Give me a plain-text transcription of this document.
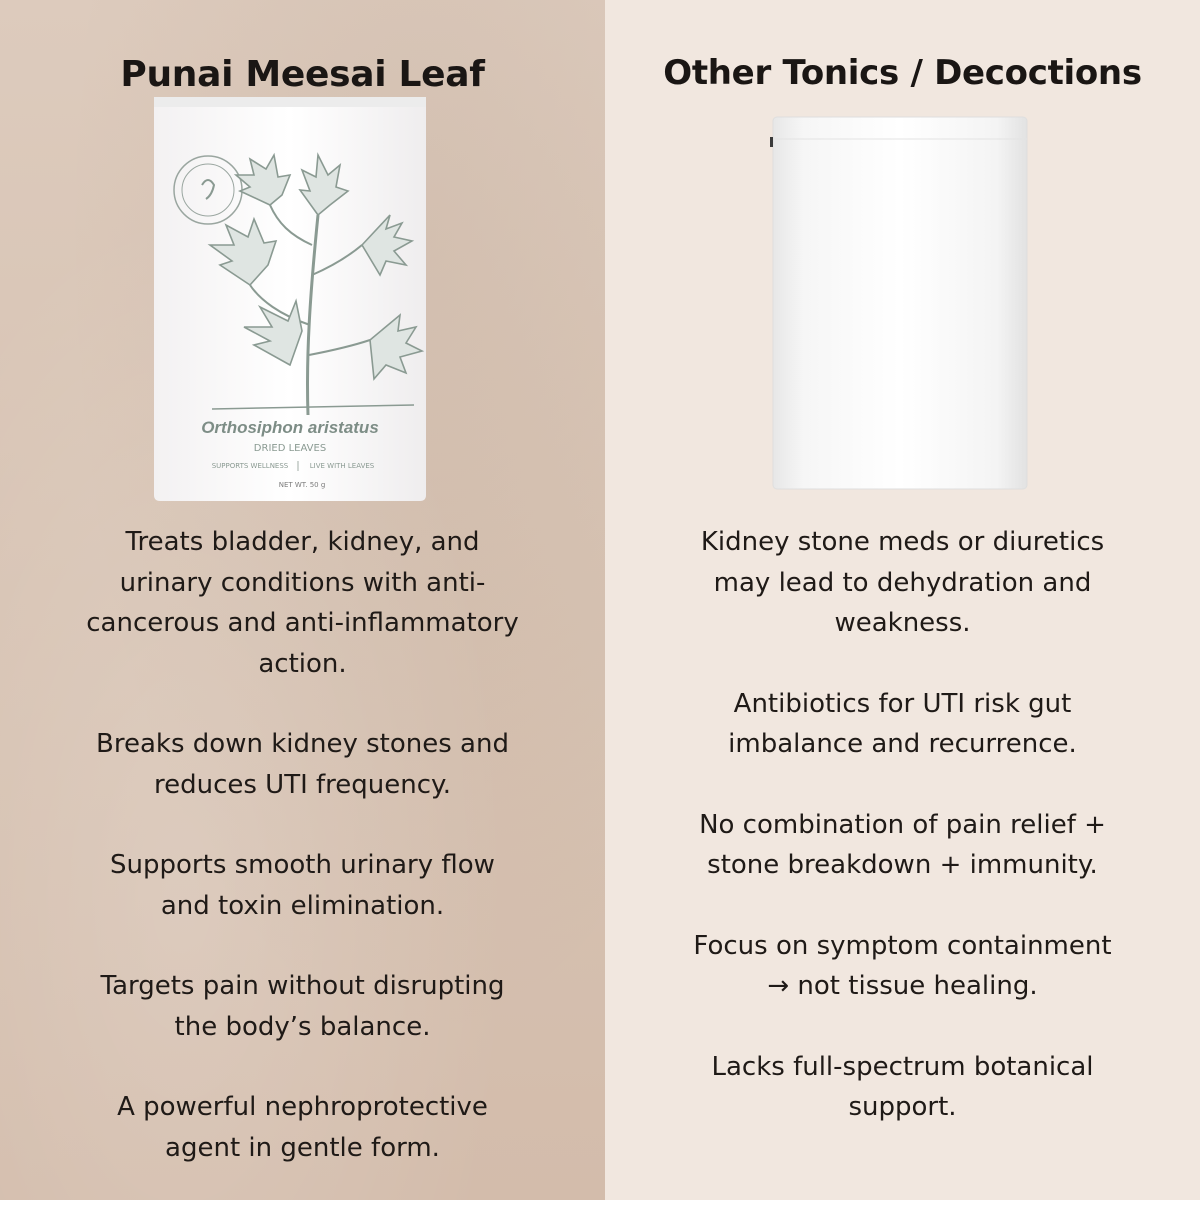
Punai Meesai Leaf
Orthosiphon aristatus
DRIED LEAVES
SUPPORTS WELLNESS	LIVE WITH LEAVES
NET WT. 50 g

Treats bladder, kidney, and urinary conditions with anti-cancerous and anti-inflammatory action.

Breaks down kidney stones and reduces UTI frequency.

Supports smooth urinary flow and toxin elimination.

Targets pain without disrupting the body’s balance.

A powerful nephroprotective agent in gentle form.

Other Tonics / Decoctions

Kidney stone meds or diuretics may lead to dehydration and weakness.

Antibiotics for UTI risk gut imbalance and recurrence.

No combination of pain relief + stone breakdown + immunity.

Focus on symptom containment → not tissue healing.

Lacks full-spectrum botanical support.
